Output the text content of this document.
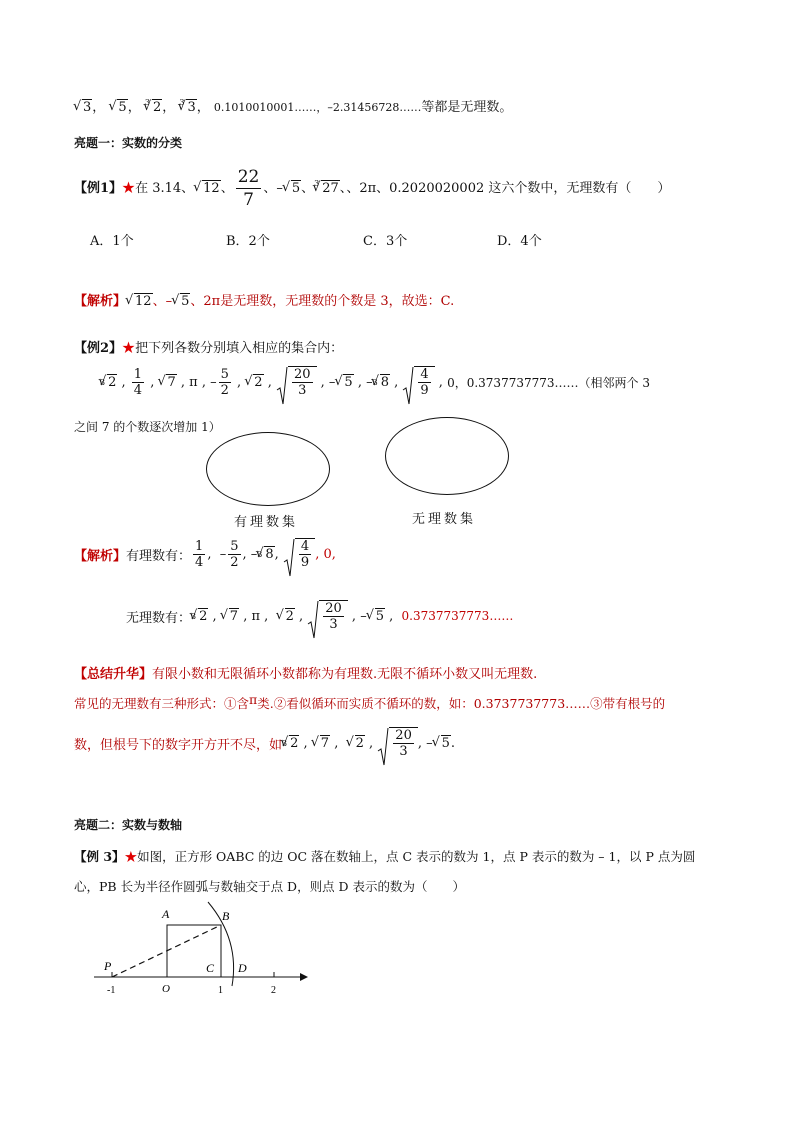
√ 3， √ 5， $^3$ √ 2， $^3$ √ 3， 0.1010010001……，–2.31456728……等都是无理数。
亮题一：实数的分类
【例1】★在 3.14、 √ 12、 $\frac{22}{7}$ 、– √ 5、$^3$ √ 27、、2π、0.2020020002 这六个数中，无理数有（　　）
A．1个	B．2个	C．3个	D．4个
【解析】 √ 12、– √ 5、2π是无理数，无理数的个数是 3，故选：C.
【例2】★把下列各数分别填入相应的集合内：
3 √ 2 , $\frac{1}{4}$ , √ 7 , π , – $\frac{5}{2}$ , √ 2 , $\frac{20}{3}$ , – √ 5 , – 3 √ 8 , $\frac{4}{9}$ , 0，0.3737737773……（相邻两个 3
之间 7 的个数逐次增加 1）
有理数集	无理数集
【解析】 有理数有： $\frac{1}{4}$ ,  – $\frac{5}{2}$ , – 3 √ 8 , $\frac{4}{9}$ , 0,
无理数有： 3 √ 2 , √ 7 , π , √ 2 , $\frac{20}{3}$ , – √ 5 , 0.3737737773……
【总结升华】有限小数和无限循环小数都称为有理数.无限不循环小数又叫无理数.
常见的无理数有三种形式：①含π类.②看似循环而实质不循环的数，如：0.3737737773……③带有根号的
数，但根号下的数字开方开不尽，如 3 √ 2 , √ 7 , √ 2 , $\frac{20}{3}$ , – √ 5 .
亮题二：实数与数轴
【例 3】★如图，正方形 OABC 的边 OC 落在数轴上，点 C 表示的数为 1，点 P 表示的数为 – 1，以 P 点为圆
心，PB 长为半径作圆弧与数轴交于点 D，则点 D 表示的数为（　　）
A	B
C D
P
O
-1	1	2
